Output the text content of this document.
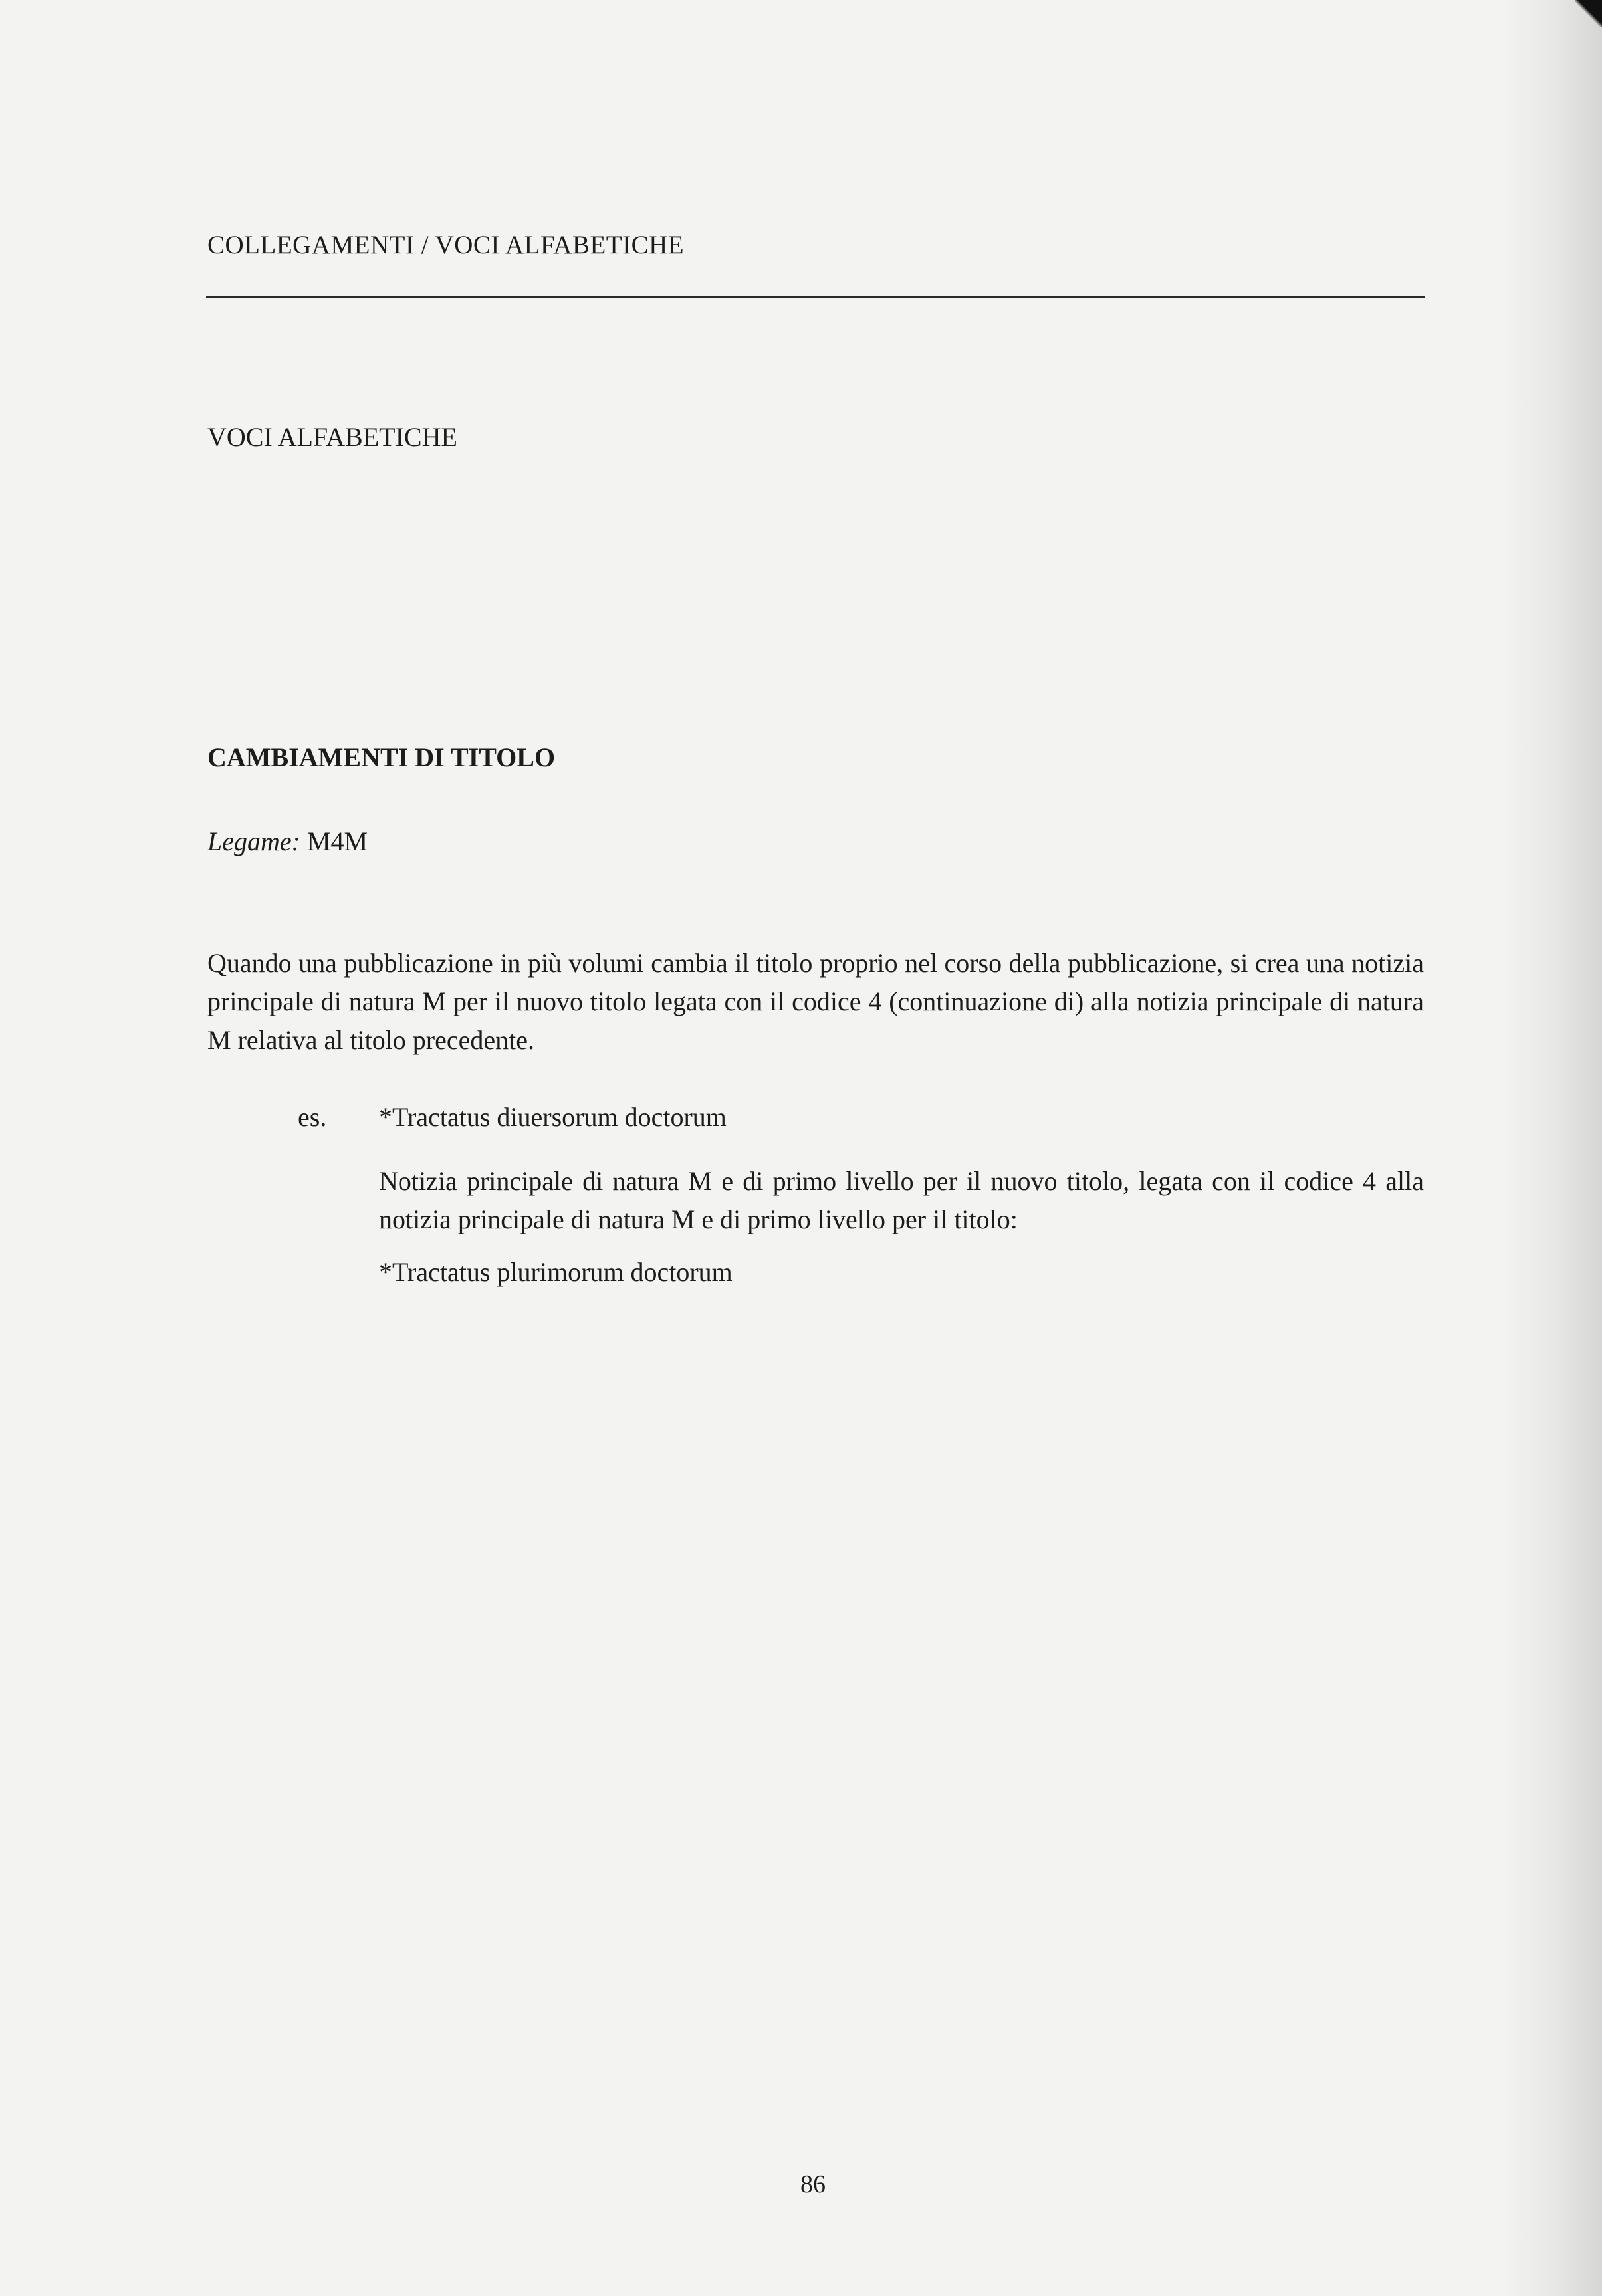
COLLEGAMENTI / VOCI ALFABETICHE
VOCI ALFABETICHE
CAMBIAMENTI DI TITOLO
Legame: M4M
Quando una pubblicazione in più volumi cambia il titolo proprio nel corso della pubblicazione, si crea una notizia principale di natura M per il nuovo titolo legata con il codice 4 (continuazione di) alla notizia principale di natura M relativa al titolo precedente.
es. *Tractatus diuersorum doctorum
Notizia principale di natura M e di primo livello per il nuovo titolo, legata con il codice 4 alla notizia principale di natura M e di primo livello per il titolo:
*Tractatus plurimorum doctorum
86
